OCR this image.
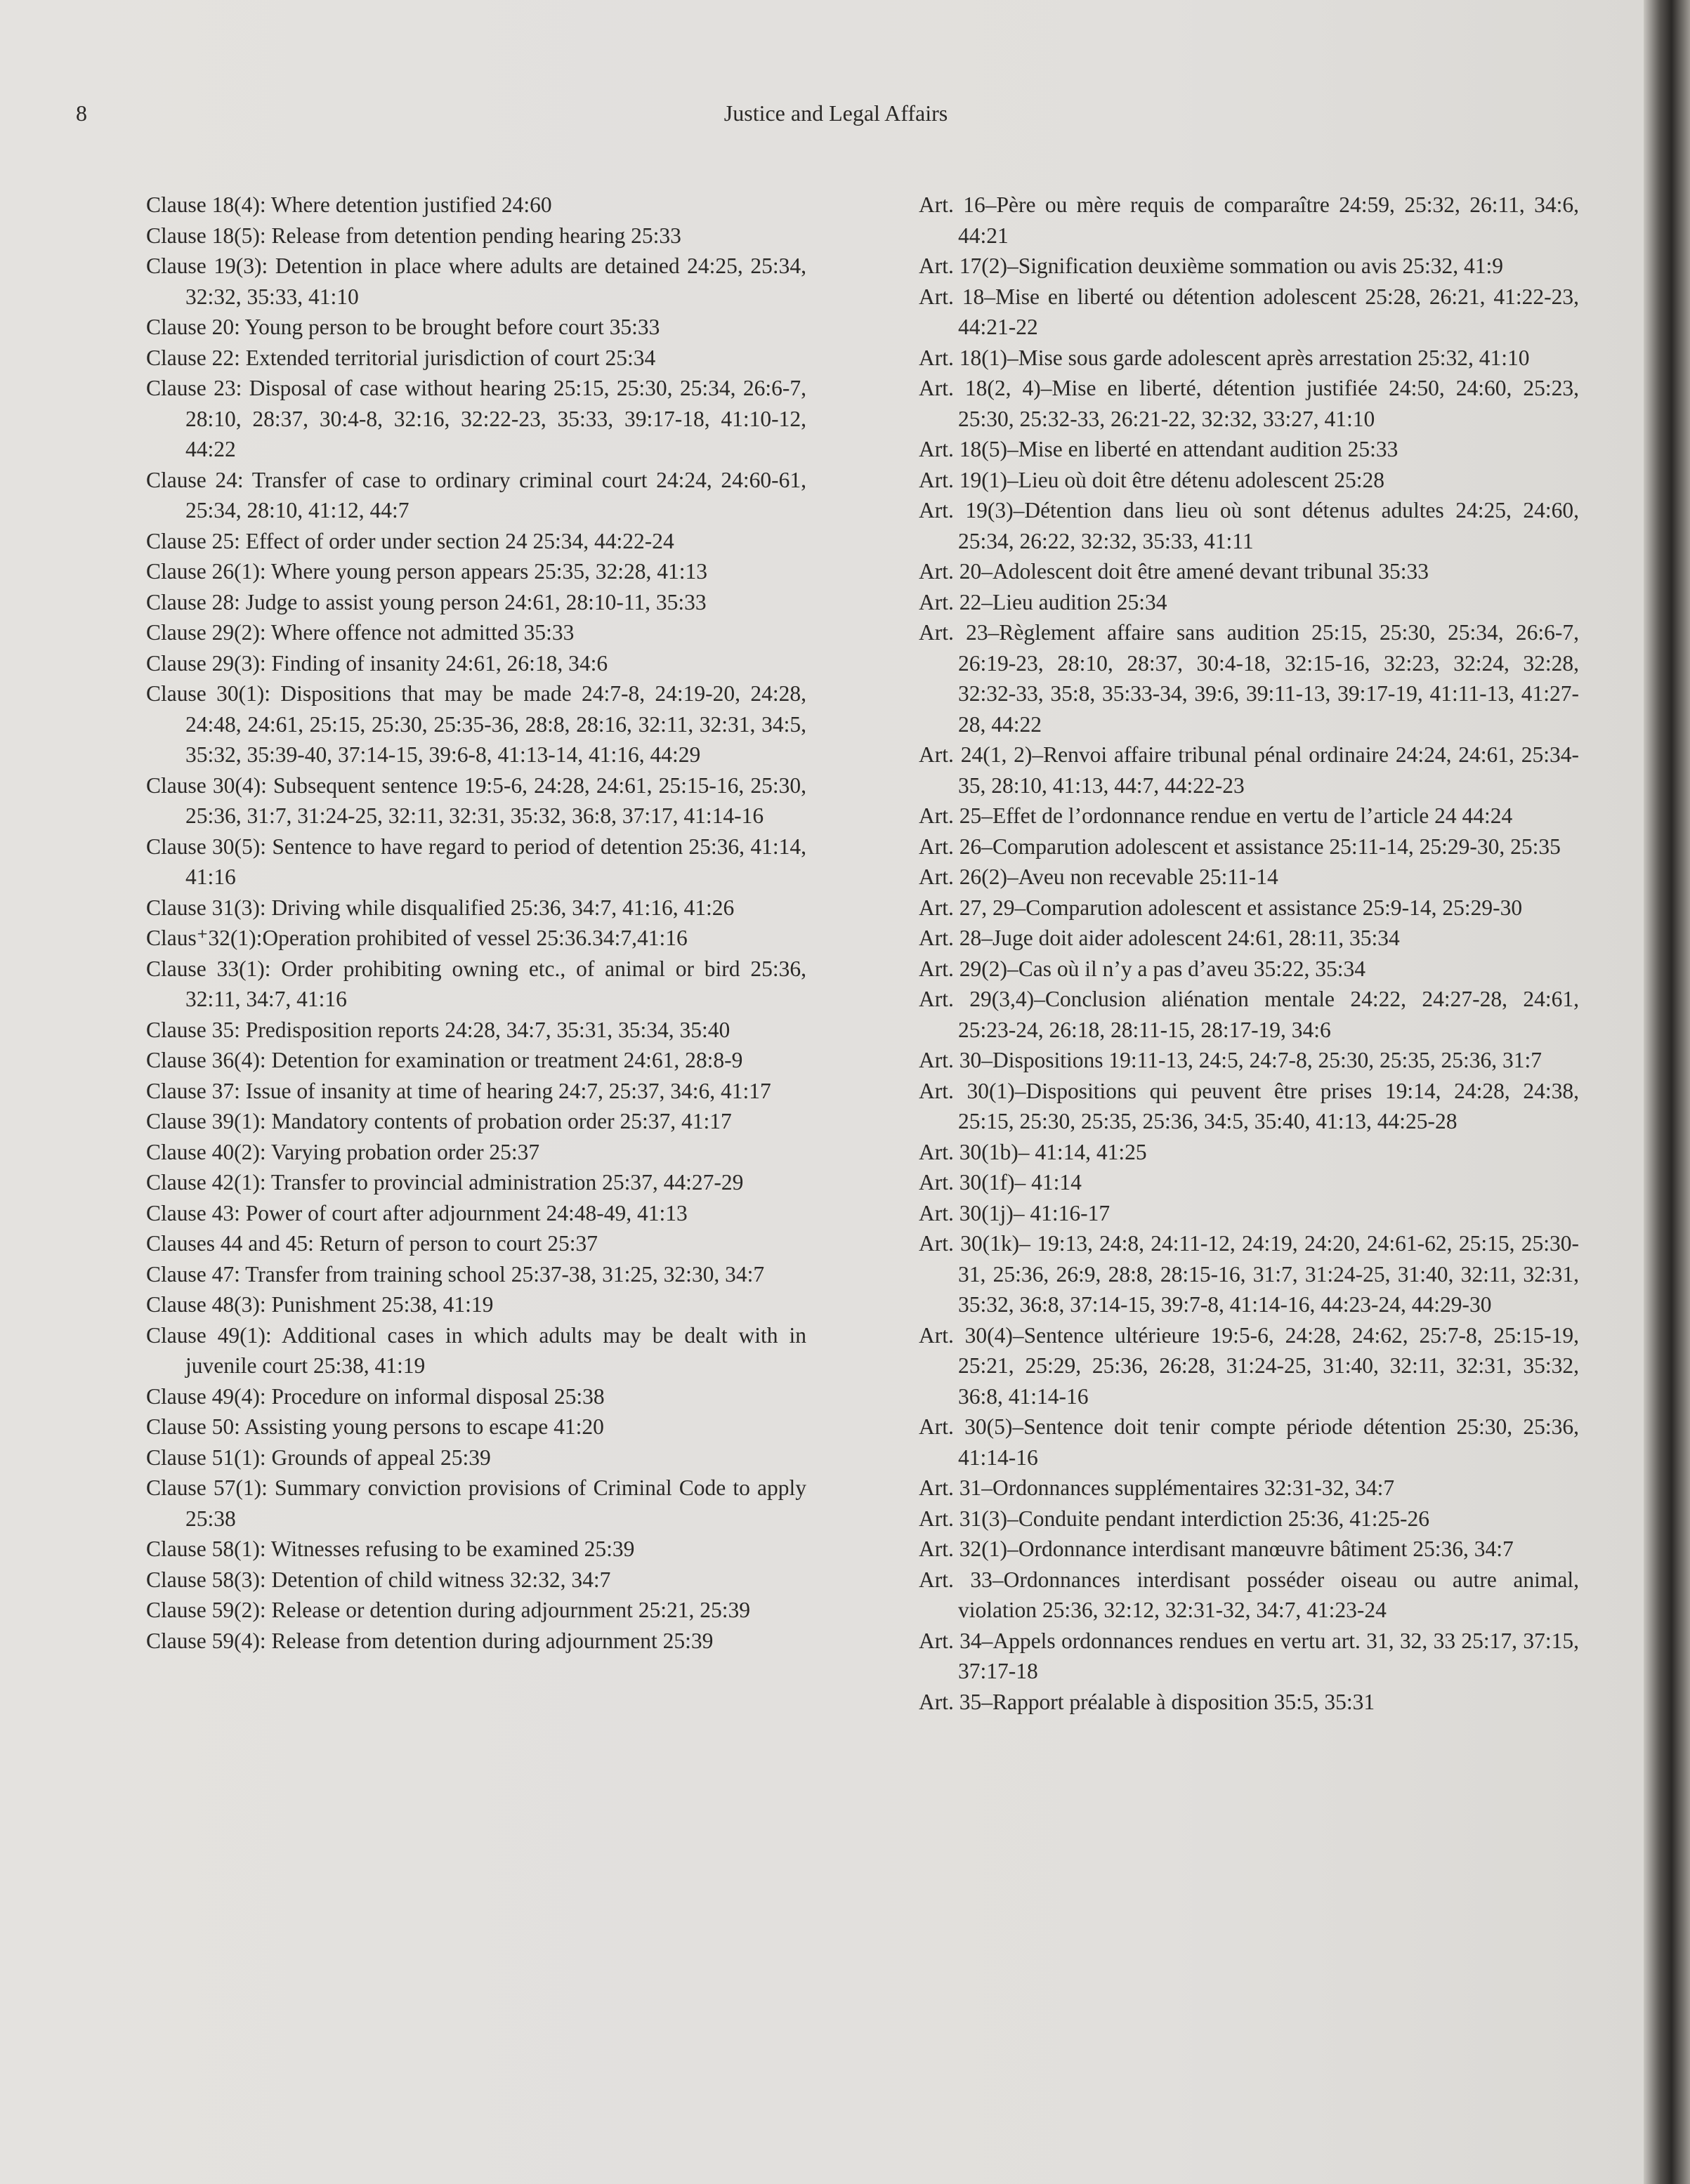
8	Justice and Legal Affairs

Clause 18(4): Where detention justified 24:60

Clause 18(5): Release from detention pending hearing 25:33

Clause 19(3): Detention in place where adults are detained 24:25, 25:34, 32:32, 35:33, 41:10

Clause 20: Young person to be brought before court 35:33

Clause 22: Extended territorial jurisdiction of court 25:34

Clause 23: Disposal of case without hearing 25:15, 25:30, 25:34, 26:6-7, 28:10, 28:37, 30:4-8, 32:16, 32:22-23, 35:33, 39:17-18, 41:10-12, 44:22

Clause 24: Transfer of case to ordinary criminal court 24:24, 24:60-61, 25:34, 28:10, 41:12, 44:7

Clause 25: Effect of order under section 24 25:34, 44:22-24

Clause 26(1): Where young person appears 25:35, 32:28, 41:13

Clause 28: Judge to assist young person 24:61, 28:10-11, 35:33

Clause 29(2): Where offence not admitted 35:33

Clause 29(3): Finding of insanity 24:61, 26:18, 34:6

Clause 30(1): Dispositions that may be made 24:7-8, 24:19-20, 24:28, 24:48, 24:61, 25:15, 25:30, 25:35-36, 28:8, 28:16, 32:11, 32:31, 34:5, 35:32, 35:39-40, 37:14-15, 39:6-8, 41:13-14, 41:16, 44:29

Clause 30(4): Subsequent sentence 19:5-6, 24:28, 24:61, 25:15-16, 25:30, 25:36, 31:7, 31:24-25, 32:11, 32:31, 35:32, 36:8, 37:17, 41:14-16

Clause 30(5): Sentence to have regard to period of detention 25:36, 41:14, 41:16

Clause 31(3): Driving while disqualified 25:36, 34:7, 41:16, 41:26

Claus⁺32(1):Operation prohibited of vessel 25:36.34:7,41:16

Clause 33(1): Order prohibiting owning etc., of animal or bird 25:36, 32:11, 34:7, 41:16

Clause 35: Predisposition reports 24:28, 34:7, 35:31, 35:34, 35:40

Clause 36(4): Detention for examination or treatment 24:61, 28:8-9

Clause 37: Issue of insanity at time of hearing 24:7, 25:37, 34:6, 41:17

Clause 39(1): Mandatory contents of probation order 25:37, 41:17

Clause 40(2): Varying probation order 25:37

Clause 42(1): Transfer to provincial administration 25:37, 44:27-29

Clause 43: Power of court after adjournment 24:48-49, 41:13

Clauses 44 and 45: Return of person to court 25:37

Clause 47: Transfer from training school 25:37-38, 31:25, 32:30, 34:7

Clause 48(3): Punishment 25:38, 41:19

Clause 49(1): Additional cases in which adults may be dealt with in juvenile court 25:38, 41:19

Clause 49(4): Procedure on informal disposal 25:38

Clause 50: Assisting young persons to escape 41:20

Clause 51(1): Grounds of appeal 25:39

Clause 57(1): Summary conviction provisions of Criminal Code to apply 25:38

Clause 58(1): Witnesses refusing to be examined 25:39

Clause 58(3): Detention of child witness 32:32, 34:7

Clause 59(2): Release or detention during adjournment 25:21, 25:39

Clause 59(4): Release from detention during adjournment 25:39

Art. 16–Père ou mère requis de comparaître 24:59, 25:32, 26:11, 34:6, 44:21

Art. 17(2)–Signification deuxième sommation ou avis 25:32, 41:9

Art. 18–Mise en liberté ou détention adolescent 25:28, 26:21, 41:22-23, 44:21-22

Art. 18(1)–Mise sous garde adolescent après arrestation 25:32, 41:10

Art. 18(2, 4)–Mise en liberté, détention justifiée 24:50, 24:60, 25:23, 25:30, 25:32-33, 26:21-22, 32:32, 33:27, 41:10

Art. 18(5)–Mise en liberté en attendant audition 25:33

Art. 19(1)–Lieu où doit être détenu adolescent 25:28

Art. 19(3)–Détention dans lieu où sont détenus adultes 24:25, 24:60, 25:34, 26:22, 32:32, 35:33, 41:11

Art. 20–Adolescent doit être amené devant tribunal 35:33

Art. 22–Lieu audition 25:34

Art. 23–Règlement affaire sans audition 25:15, 25:30, 25:34, 26:6-7, 26:19-23, 28:10, 28:37, 30:4-18, 32:15-16, 32:23, 32:24, 32:28, 32:32-33, 35:8, 35:33-34, 39:6, 39:11-13, 39:17-19, 41:11-13, 41:27-28, 44:22

Art. 24(1, 2)–Renvoi affaire tribunal pénal ordinaire 24:24, 24:61, 25:34-35, 28:10, 41:13, 44:7, 44:22-23

Art. 25–Effet de l’ordonnance rendue en vertu de l’article 24 44:24

Art. 26–Comparution adolescent et assistance 25:11-14, 25:29-30, 25:35

Art. 26(2)–Aveu non recevable 25:11-14

Art. 27, 29–Comparution adolescent et assistance 25:9-14, 25:29-30

Art. 28–Juge doit aider adolescent 24:61, 28:11, 35:34

Art. 29(2)–Cas où il n’y a pas d’aveu 35:22, 35:34

Art. 29(3,4)–Conclusion aliénation mentale 24:22, 24:27-28, 24:61, 25:23-24, 26:18, 28:11-15, 28:17-19, 34:6

Art. 30–Dispositions 19:11-13, 24:5, 24:7-8, 25:30, 25:35, 25:36, 31:7

Art. 30(1)–Dispositions qui peuvent être prises 19:14, 24:28, 24:38, 25:15, 25:30, 25:35, 25:36, 34:5, 35:40, 41:13, 44:25-28

Art. 30(1b)– 41:14, 41:25

Art. 30(1f)– 41:14

Art. 30(1j)– 41:16-17

Art. 30(1k)– 19:13, 24:8, 24:11-12, 24:19, 24:20, 24:61-62, 25:15, 25:30-31, 25:36, 26:9, 28:8, 28:15-16, 31:7, 31:24-25, 31:40, 32:11, 32:31, 35:32, 36:8, 37:14-15, 39:7-8, 41:14-16, 44:23-24, 44:29-30

Art. 30(4)–Sentence ultérieure 19:5-6, 24:28, 24:62, 25:7-8, 25:15-19, 25:21, 25:29, 25:36, 26:28, 31:24-25, 31:40, 32:11, 32:31, 35:32, 36:8, 41:14-16

Art. 30(5)–Sentence doit tenir compte période détention 25:30, 25:36, 41:14-16

Art. 31–Ordonnances supplémentaires 32:31-32, 34:7

Art. 31(3)–Conduite pendant interdiction 25:36, 41:25-26

Art. 32(1)–Ordonnance interdisant manœuvre bâtiment 25:36, 34:7

Art. 33–Ordonnances interdisant posséder oiseau ou autre animal, violation 25:36, 32:12, 32:31-32, 34:7, 41:23-24

Art. 34–Appels ordonnances rendues en vertu art. 31, 32, 33 25:17, 37:15, 37:17-18

Art. 35–Rapport préalable à disposition 35:5, 35:31
